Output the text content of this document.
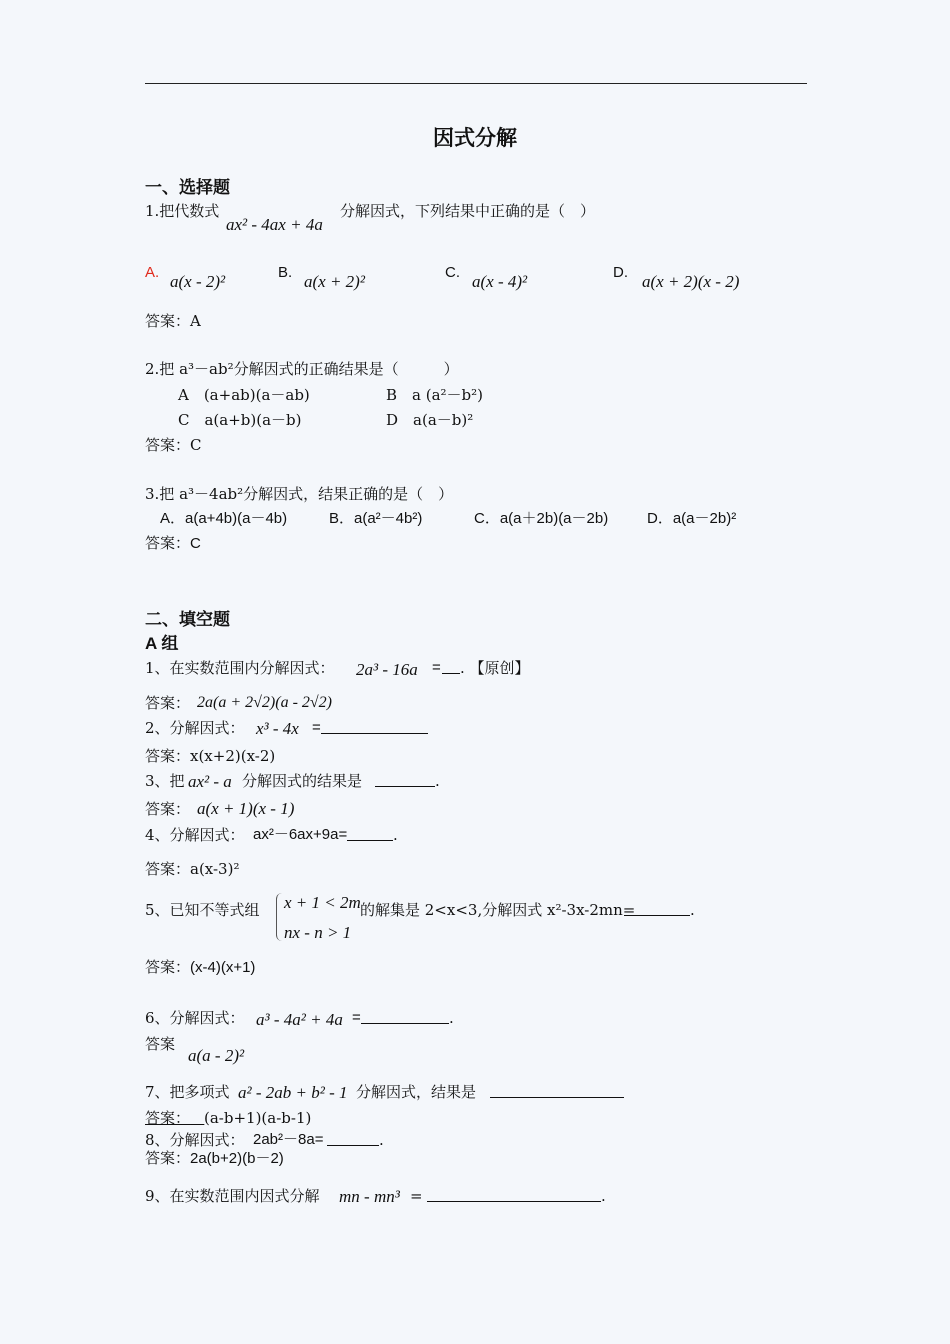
因式分解
一、选择题
1.把代数式
ax² - 4ax + 4a
分解因式，下列结果中正确的是（　）
A. a(x - 2)²	B. a(x + 2)²	C. a(x - 4)²	D. a(x + 2)(x - 2)
答案：A
2.把 a³－ab²分解因式的正确结果是（　　　）
A　(a+ab)(a－ab)	B　a (a²－b²)
C　a(a+b)(a－b)	D　a(a－b)²
答案：C
3.把 a³－4ab²分解因式，结果正确的是（　）
A．a(a+4b)(a－4b)	B．a(a²－4b²)	C．a(a＋2b)(a－2b)	D．a(a－2b)²
答案：C
二、填空题
A 组
1、在实数范围内分解因式： 2a³ - 16a = . 【原创】
答案： 2a(a + 2√2)(a - 2√2)
2、分解因式： x³ - 4x =
答案：x(x+2)(x-2)
3、把 ax² - a 分解因式的结果是	.
答案： a(x + 1)(x - 1)
4、分解因式： ax²－6ax+9a=	.
答案：a(x-3)²
5、已知不等式组 x + 1 < 2m
nx - n > 1
的解集是 2<x<3,分解因式 x²-3x-2mn=	.
答案：(x-4)(x+1)
6、分解因式： a³ - 4a² + 4a =	.
答案
a(a - 2)²
7、把多项式 a² - 2ab + b² - 1 分解因式，结果是
答案： (a-b+1)(a-b-1)
8、分解因式： 2ab²－8a=	.
答案：2a(b+2)(b－2)
9、在实数范围内因式分解 mn - mn³ =	.
